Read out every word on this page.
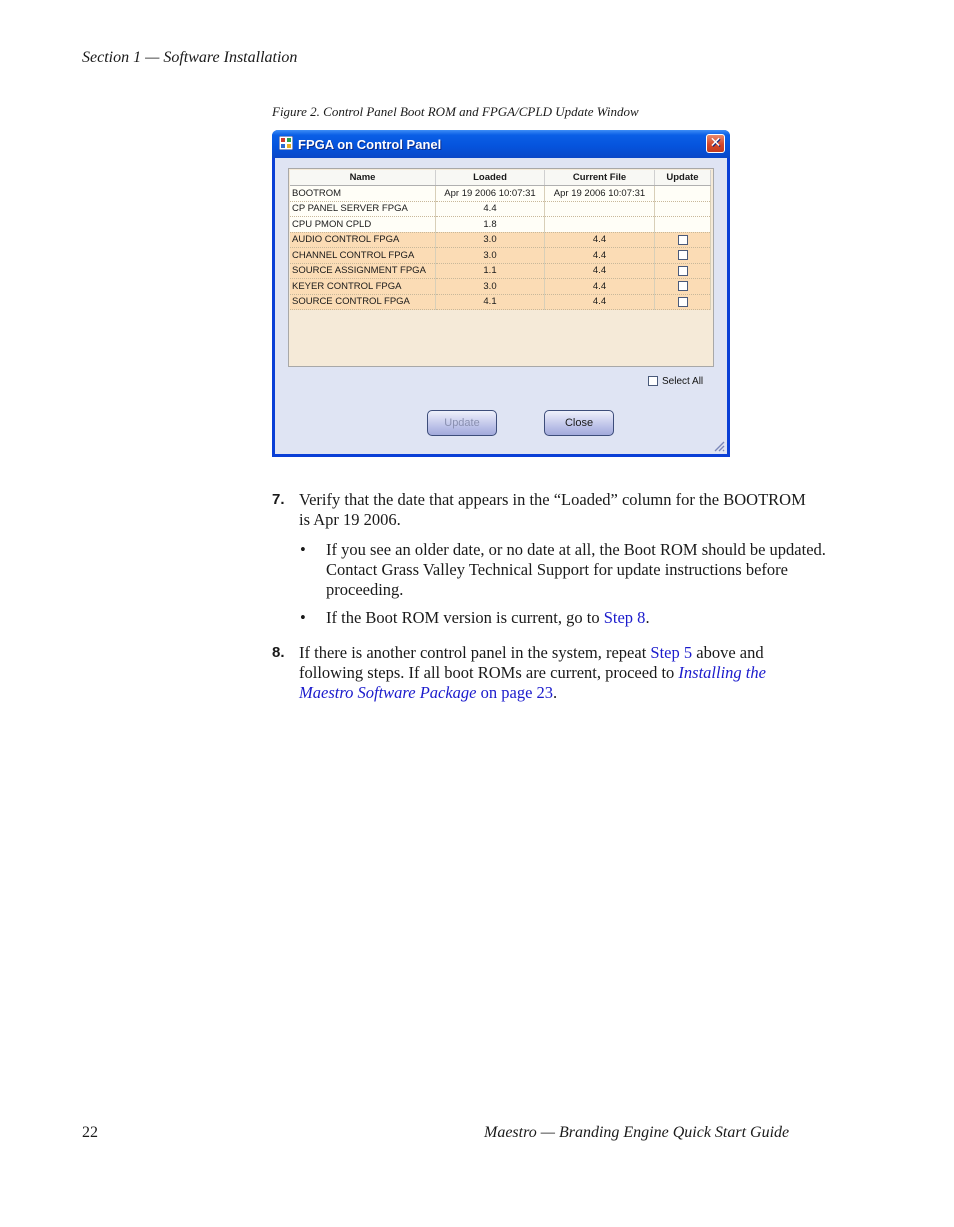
Section 1 — Software Installation
Figure 2. Control Panel Boot ROM and FPGA/CPLD Update Window
FPGA on Control Panel	✕
Name	Loaded	Current File	Update
BOOTROM	Apr 19 2006 10:07:31	Apr 19 2006 10:07:31	
CP PANEL SERVER FPGA	4.4		
CPU PMON CPLD	1.8		
AUDIO CONTROL FPGA	3.0	4.4	
CHANNEL CONTROL FPGA	3.0	4.4	
SOURCE ASSIGNMENT FPGA	1.1	4.4	
KEYER CONTROL FPGA	3.0	4.4	
SOURCE CONTROL FPGA	4.1	4.4	
Select All
Update	Close
7. Verify that the date that appears in the “Loaded” column for the BOOTROM is Apr 19 2006.
• If you see an older date, or no date at all, the Boot ROM should be updated. Contact Grass Valley Technical Support for update instructions before proceeding.
• If the Boot ROM version is current, go to Step 8.
8. If there is another control panel in the system, repeat Step 5 above and following steps. If all boot ROMs are current, proceed to Installing the Maestro Software Package on page 23.
22	Maestro — Branding Engine Quick Start Guide
